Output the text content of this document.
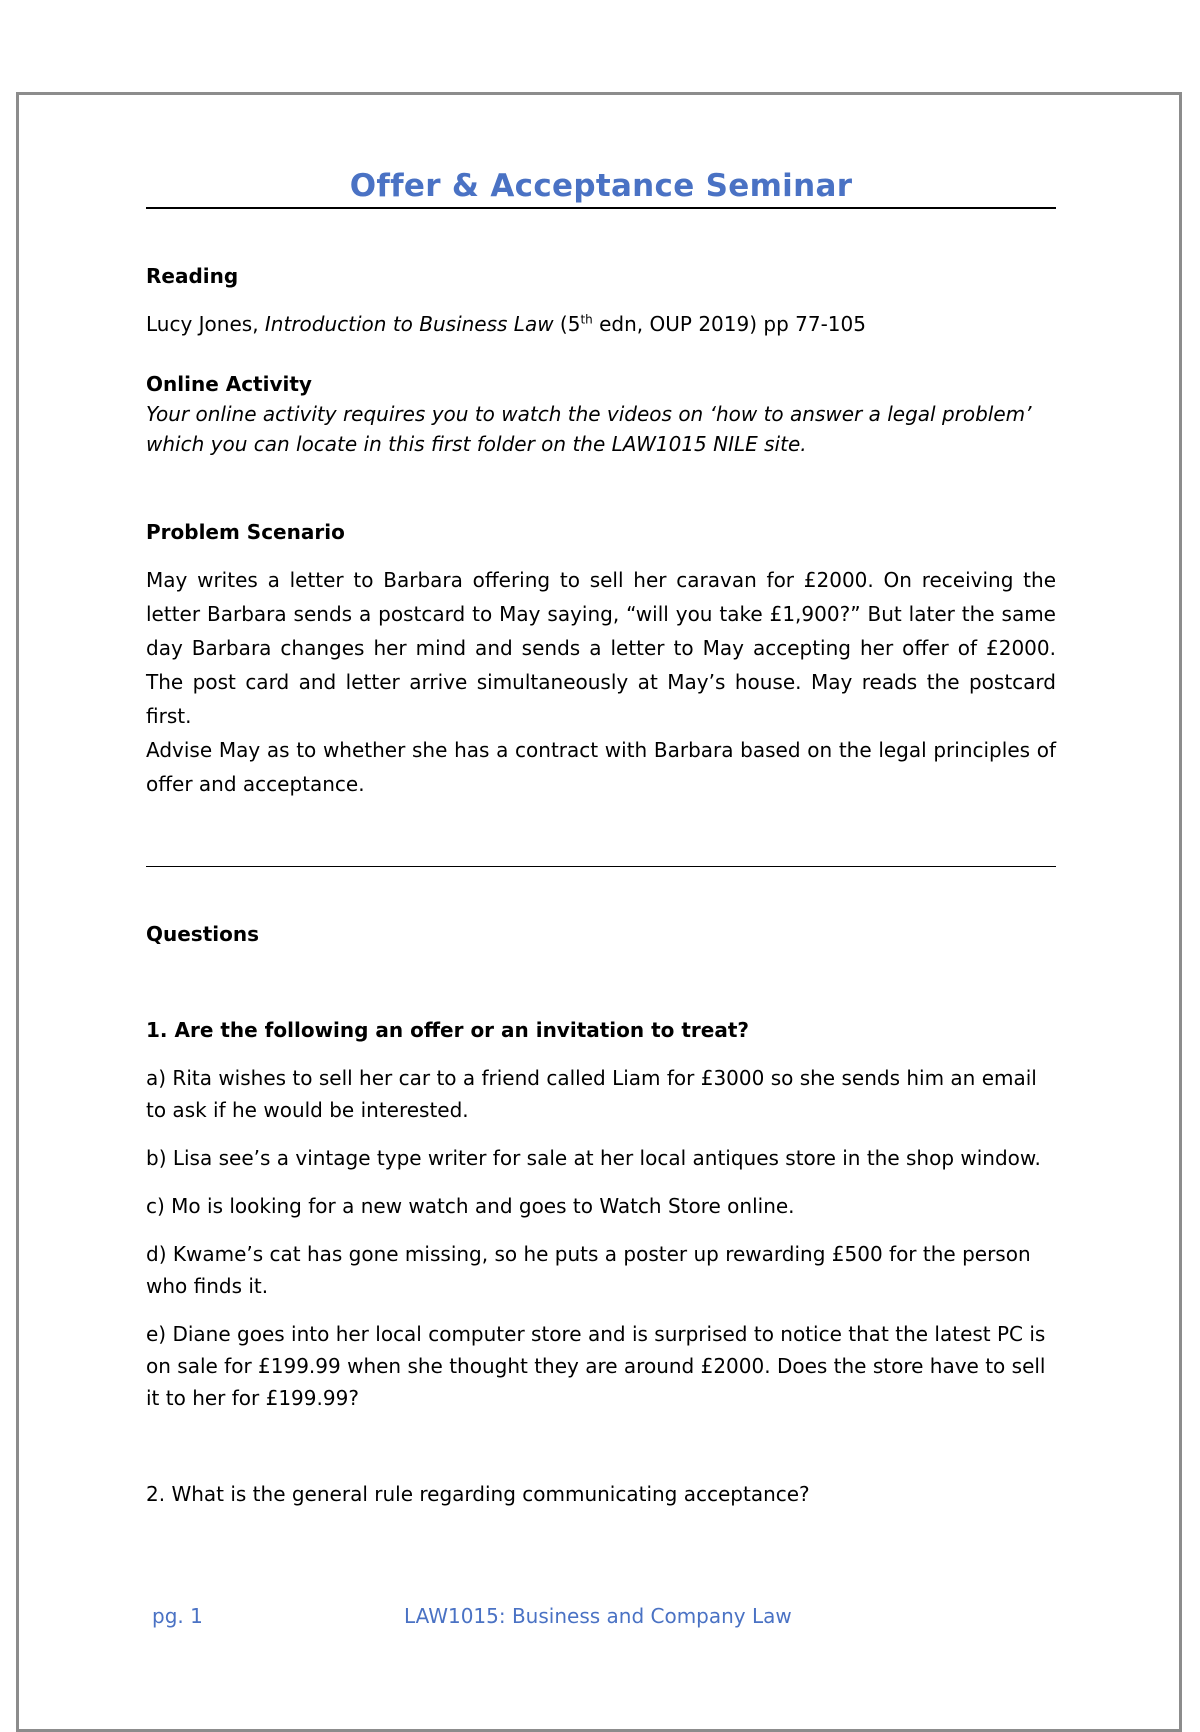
Offer & Acceptance Seminar
Reading
Lucy Jones, Introduction to Business Law (5th edn, OUP 2019) pp 77-105
Online Activity
Your online activity requires you to watch the videos on ‘how to answer a legal problem’
which you can locate in this first folder on the LAW1015 NILE site.
Problem Scenario
May writes a letter to Barbara offering to sell her caravan for £2000. On receiving the letter Barbara sends a postcard to May saying, “will you take £1,900?” But later the same day Barbara changes her mind and sends a letter to May accepting her offer of £2000. The post card and letter arrive simultaneously at May’s house. May reads the postcard first.
Advise May as to whether she has a contract with Barbara based on the legal principles of offer and acceptance.
Questions
1. Are the following an offer or an invitation to treat?
a) Rita wishes to sell her car to a friend called Liam for £3000 so she sends him an email to ask if he would be interested.
b) Lisa see’s a vintage type writer for sale at her local antiques store in the shop window.
c) Mo is looking for a new watch and goes to Watch Store online.
d) Kwame’s cat has gone missing, so he puts a poster up rewarding £500 for the person who finds it.
e) Diane goes into her local computer store and is surprised to notice that the latest PC is on sale for £199.99 when she thought they are around £2000. Does the store have to sell it to her for £199.99?
2. What is the general rule regarding communicating acceptance?
pg. 1	LAW1015: Business and Company Law
